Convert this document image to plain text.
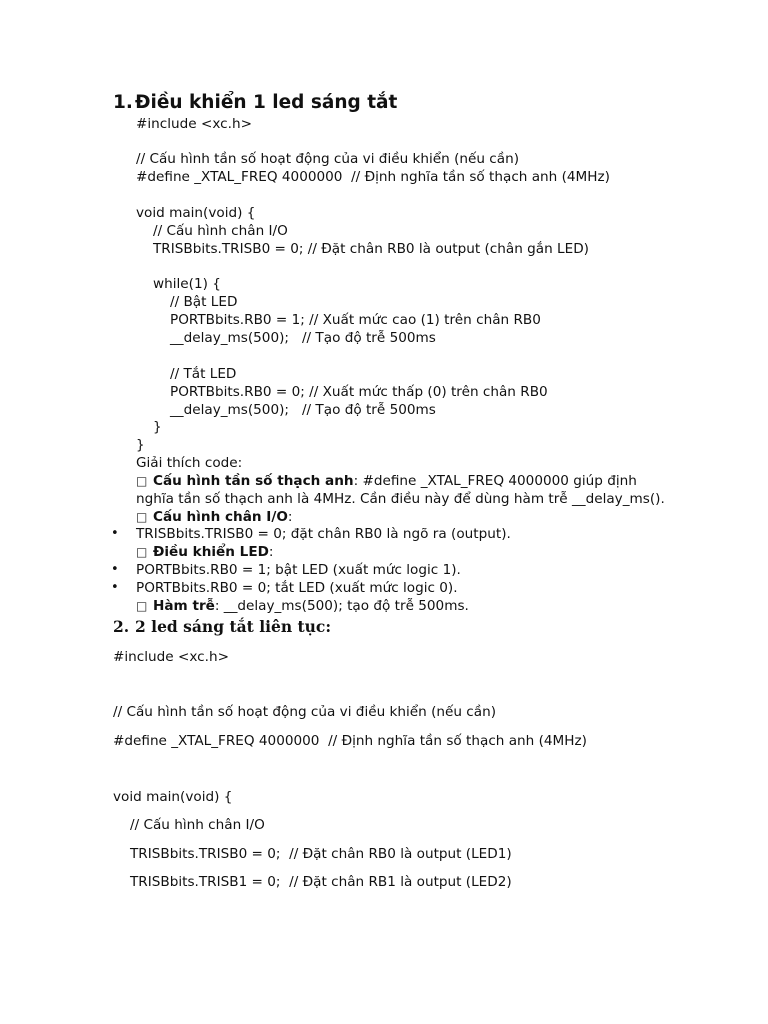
1. Điều khiển 1 led sáng tắt
#include <xc.h>
// Cấu hình tần số hoạt động của vi điều khiển (nếu cần)
#define _XTAL_FREQ 4000000  // Định nghĩa tần số thạch anh (4MHz)
void main(void) {
// Cấu hình chân I/O
TRISBbits.TRISB0 = 0; // Đặt chân RB0 là output (chân gắn LED)
while(1) {
// Bật LED
PORTBbits.RB0 = 1; // Xuất mức cao (1) trên chân RB0
__delay_ms(500);   // Tạo độ trễ 500ms
// Tắt LED
PORTBbits.RB0 = 0; // Xuất mức thấp (0) trên chân RB0
__delay_ms(500);   // Tạo độ trễ 500ms
}
}
Giải thích code:
□ Cấu hình tần số thạch anh: #define _XTAL_FREQ 4000000 giúp định
nghĩa tần số thạch anh là 4MHz. Cần điều này để dùng hàm trễ __delay_ms().
□ Cấu hình chân I/O:
• TRISBbits.TRISB0 = 0; đặt chân RB0 là ngõ ra (output).
□ Điều khiển LED:
• PORTBbits.RB0 = 1; bật LED (xuất mức logic 1).
• PORTBbits.RB0 = 0; tắt LED (xuất mức logic 0).
□ Hàm trễ: __delay_ms(500); tạo độ trễ 500ms.
2. 2 led sáng tắt liên tục:
#include <xc.h>
// Cấu hình tần số hoạt động của vi điều khiển (nếu cần)
#define _XTAL_FREQ 4000000  // Định nghĩa tần số thạch anh (4MHz)
void main(void) {
// Cấu hình chân I/O
TRISBbits.TRISB0 = 0;  // Đặt chân RB0 là output (LED1)
TRISBbits.TRISB1 = 0;  // Đặt chân RB1 là output (LED2)
